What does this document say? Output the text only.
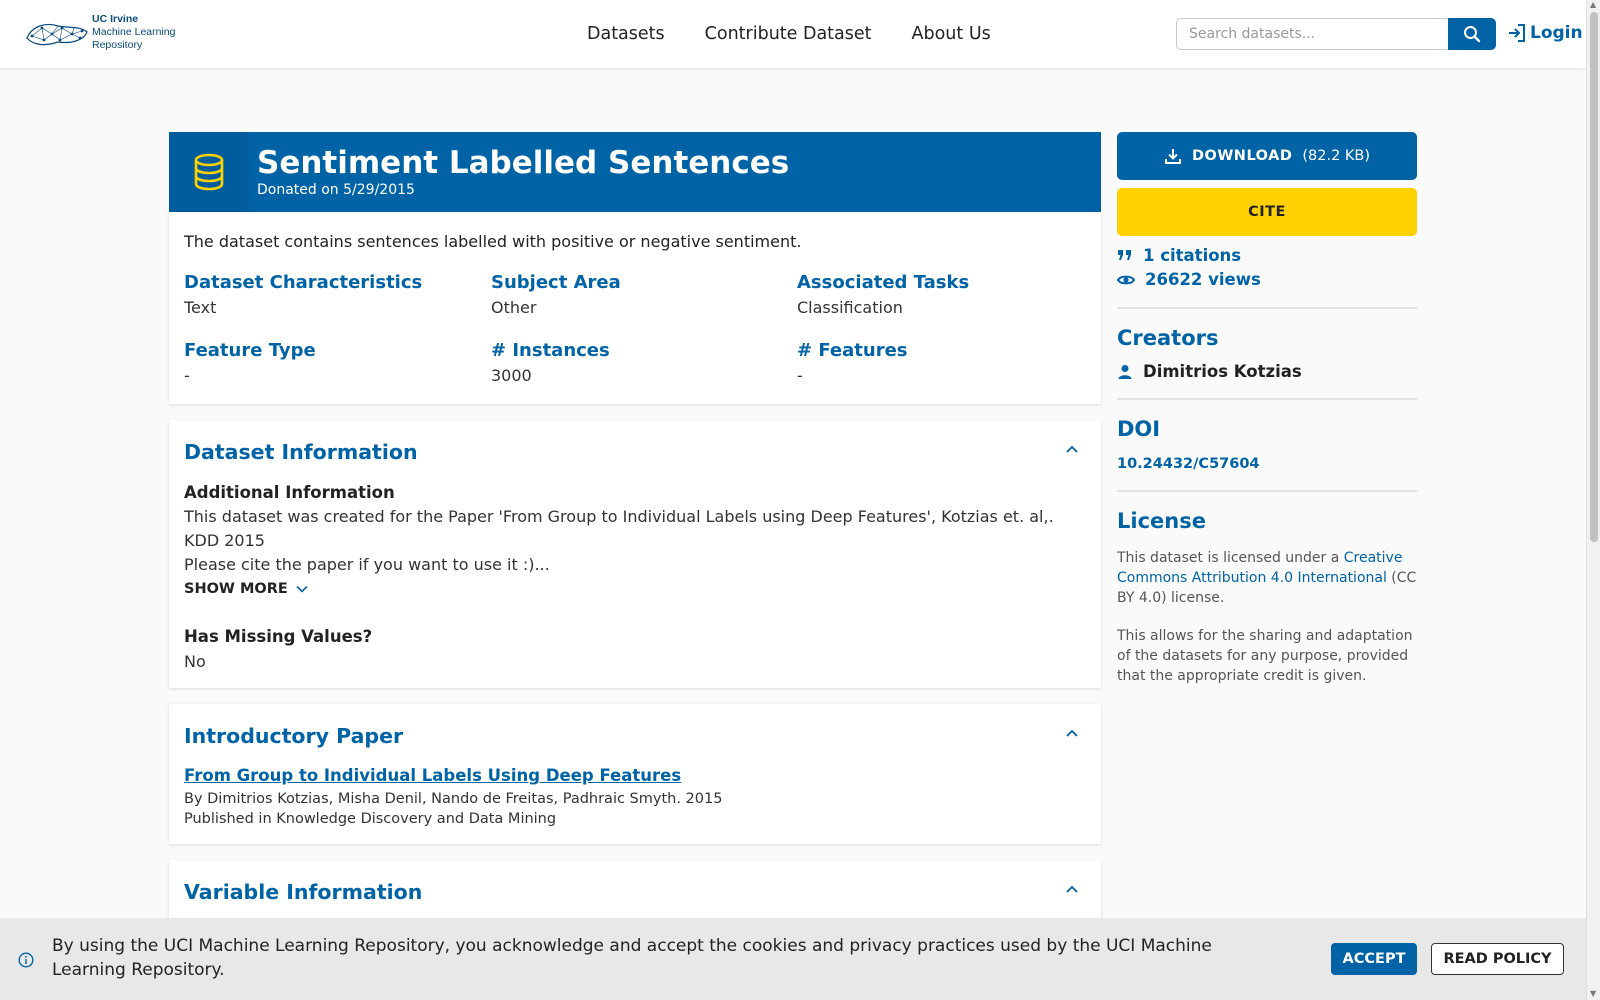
UC Irvine
Machine Learning
Repository
Datasets Contribute Dataset About Us
Search datasets...	Login
▲
▼
Sentiment Labelled Sentences
Donated on 5/29/2015
The dataset contains sentences labelled with positive or negative sentiment.
Dataset Characteristics
Text
Subject Area
Other
Associated Tasks
Classification
Feature Type
-
# Instances
3000
# Features
-
Dataset Information
Additional Information
This dataset was created for the Paper 'From Group to Individual Labels using Deep Features', Kotzias et. al,. KDD 2015
Please cite the paper if you want to use it :)...
Has Missing Values?
No
SHOW MORE
Introductory Paper
From Group to Individual Labels Using Deep Features
By Dimitrios Kotzias, Misha Denil, Nando de Freitas, Padhraic Smyth. 2015
Published in Knowledge Discovery and Data Mining
Variable Information
DOWNLOAD (82.2 KB)
CITE
1 citations
26622 views
Creators
Dimitrios Kotzias
DOI
10.24432/C57604
License
This dataset is licensed under a Creative Commons Attribution 4.0 International (CC BY 4.0) license.
This allows for the sharing and adaptation of the datasets for any purpose, provided that the appropriate credit is given.
By using the UCI Machine Learning Repository, you acknowledge and accept the cookies and privacy practices used by the UCI Machine Learning Repository.
ACCEPT	READ POLICY
